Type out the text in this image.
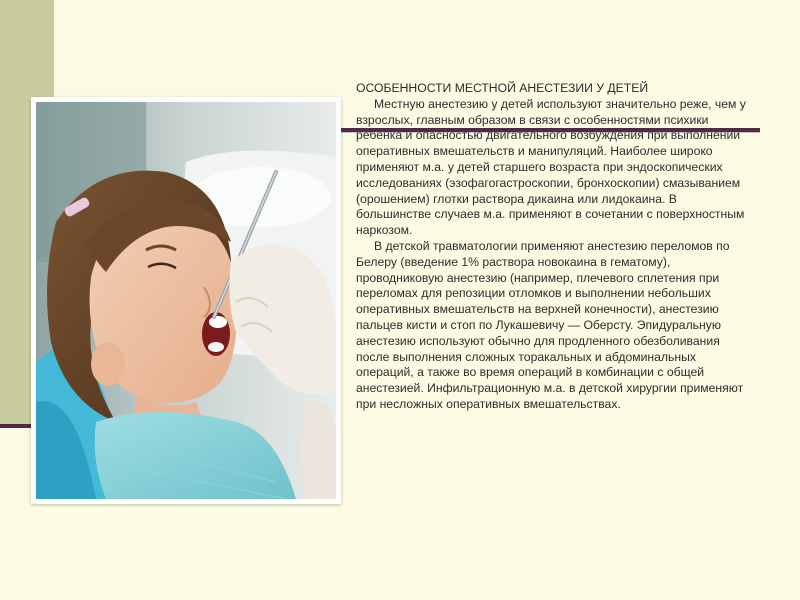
ОСОБЕННОСТИ МЕСТНОЙ АНЕСТЕЗИИ У ДЕТЕЙ

Местную анестезию у детей используют значительно реже, чем у взрослых, главным образом в связи с особенностями психики ребенка и опасностью двигательного возбуждения при выполнении оперативных вмешательств и манипуляций. Наиболее широко применяют м.а. у детей старшего возраста при эндоскопических исследованиях (эзофагогастроскопии, бронхоскопии) смазыванием (орошением) глотки раствора дикаина или лидокаина. В большинстве случаев м.а. применяют в сочетании с поверхностным наркозом.

В детской травматологии применяют анестезию переломов по Белеру (введение 1% раствора новокаина в гематому), проводниковую анестезию (например, плечевого сплетения при переломах для репозиции отломков и выполнении небольших оперативных вмешательств на верхней конечности), анестезию пальцев кисти и стоп по Лукашевичу — Оберсту. Эпидуральную анестезию используют обычно для продленного обезболивания после выполнения сложных торакальных и абдоминальных операций, а также во время операций в комбинации с общей анестезией. Инфильтрационную м.а. в детской хирургии применяют при несложных оперативных вмешательствах.
